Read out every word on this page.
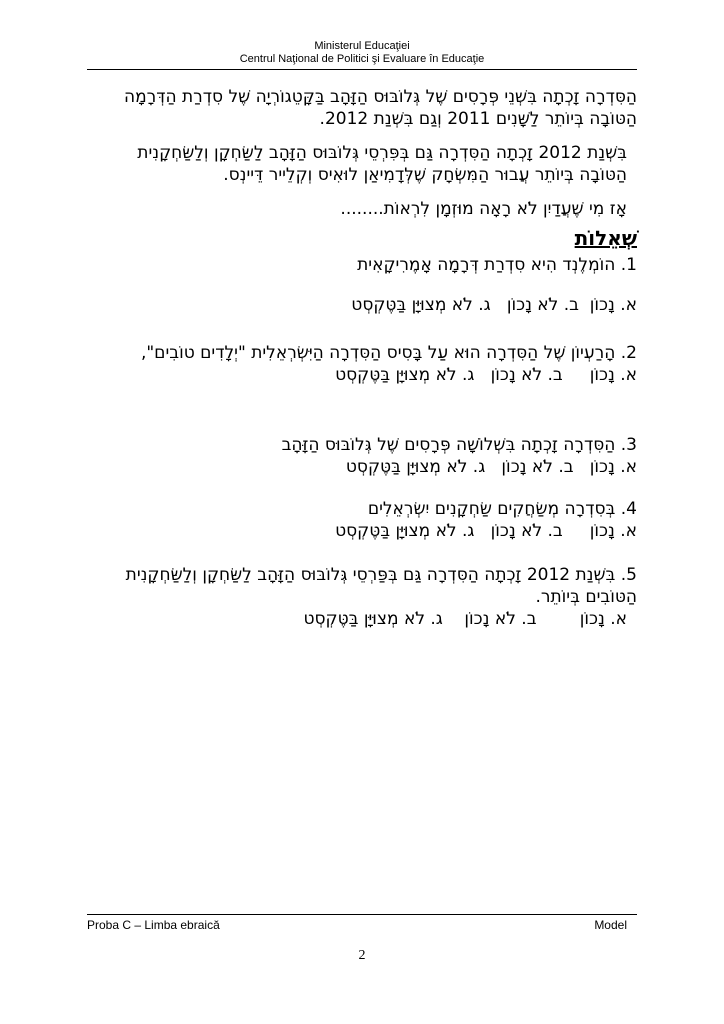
Ministerul Educaţiei
Centrul Naţional de Politici şi Evaluare în Educaţie

הַסִּדְרָה זָכְתָה בִּשְׁנֵי פְּרָסִים שֶׁל גְּלוֹבּוּס הַזָּהָב בַּקָּטֵגוֹרְיָה שֶׁל סִדְרַת הַדְּרָמָה הַטּוֹבָה בְּיוֹתֵר לַשָּׁנִים 2011 וְגַם בִּשְׁנַת 2012.

בִּשְׁנַת 2012 זָכְתָה הַסִּדְרָה גַּם בְּפִּרְסֵי גְּלוֹבּוּס הַזָּהָב לַשַּׂחְקָן וְלַשַּׂחְקָנִית הַטּוֹבָה בְּיוֹתֵר עֲבוּר הַמִּשְׂחָק שֶׁלְּדָמִיאַן לוּאִיס וְקְלֵייר דֵּיינְס.

אָז מִי שֶׁעֲדַיִן לֹא רָאָה מוּזְמָן לִרְאוֹת........

שְׁאֵלוֹת

1. הוֹמְלֶנְד הִיא סִדְרַת דְּרָמָה אָמֶרִיקָאִית

א. נָכוֹן  ב. לֹא נָכוֹן   ג. לֹא מְצוּיָּן בַּטֶּקְסְט

2. הָרַעְיוֹן שֶׁל הַסִּדְרָה הוּא עַל בָּסִיס הַסִּדְרָה הַיִּשְׂרְאֵלִית "יְלָדִים טוֹבִים",

א. נָכוֹן     ב. לֹא נָכוֹן   ג. לֹא מְצוּיָּן בַּטֶּקְסְט

3. הַסִּדְרָה זָכְתָה בִּשְׁלוֹשָׁה פְּרָסִים שֶׁל גְּלוֹבּוּס הַזָּהָב

א. נָכוֹן   ב. לֹא נָכוֹן   ג. לֹא מְצוּיָּן בַּטֶּקְסְט

4. בְּסִדְרָה מְשַׂחֲקִים שַׂחְקָנִים יִשְׂרְאֵלִים

א. נָכוֹן     ב. לֹא נָכוֹן   ג. לֹא מְצוּיָּן בַּטֶּקְסְט

5. בִּשְׁנַת 2012 זָכְתָה הַסִּדְרָה גַּם בְּפַּרְסֵי גְּלוֹבּוּס הַזָּהָב לַשַּׂחְקָן וְלַשַּׂחְקָנִית הַטּוֹבִים בְּיוֹתֵר.

א. נָכוֹן        ב. לֹא נָכוֹן    ג. לֹא מְצוּיָּן בַּטֶּקְסְט

Proba C – Limba ebraică	Model
2
